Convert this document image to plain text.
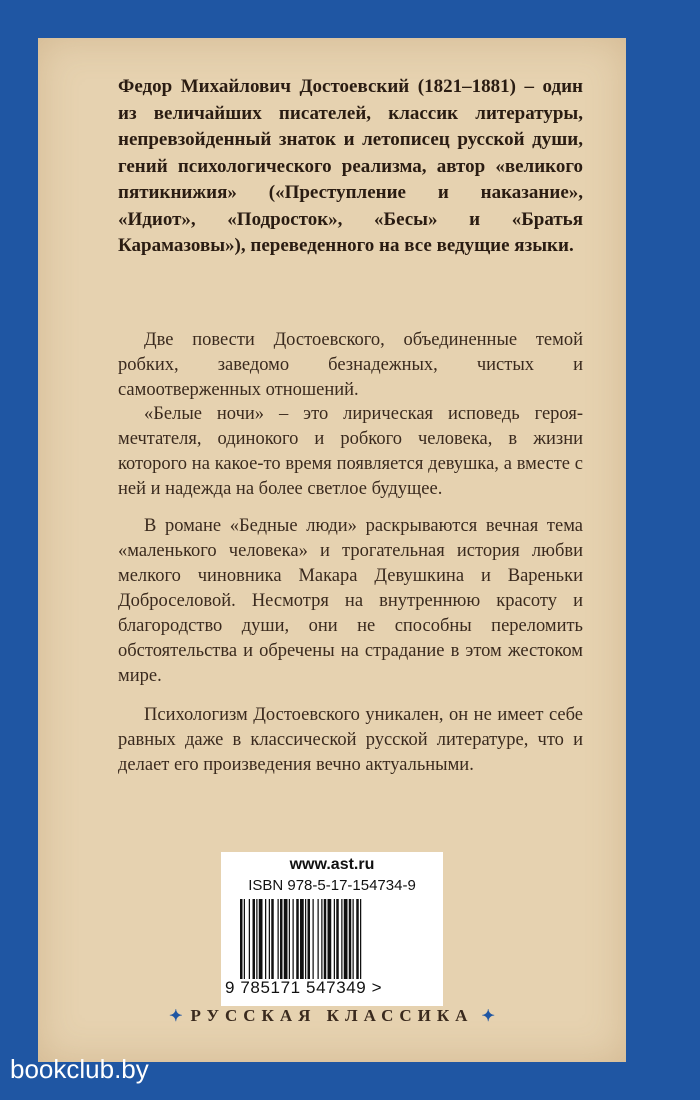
Федор Михайлович Достоевский (1821–1881) – один из величайших писателей, классик литературы, непревзойденный знаток и летописец русской души, гений психологического реализма, автор «великого пятикнижия» («Преступление и наказание», «Идиот», «Подросток», «Бесы» и «Братья Карамазовы»), переведенного на все ведущие языки.

Две повести Достоевского, объединенные темой робких, заведомо безнадежных, чистых и самоотверженных отношений.

«Белые ночи» – это лирическая исповедь героя-мечтателя, одинокого и робкого человека, в жизни которого на какое-то время появляется девушка, а вместе с ней и надежда на более светлое будущее.

В романе «Бедные люди» раскрываются вечная тема «маленького человека» и трогательная история любви мелкого чиновника Макара Девушкина и Вареньки Доброселовой. Несмотря на внутреннюю красоту и благородство души, они не способны переломить обстоятельства и обречены на страдание в этом жестоком мире.

Психологизм Достоевского уникален, он не имеет себе равных даже в классической русской литературе, что и делает его произведения вечно актуальными.

www.ast.ru
ISBN 978-5-17-154734-9
9 785171 547349 >
✦ РУССКАЯ КЛАССИКА ✦
bookclub.by
